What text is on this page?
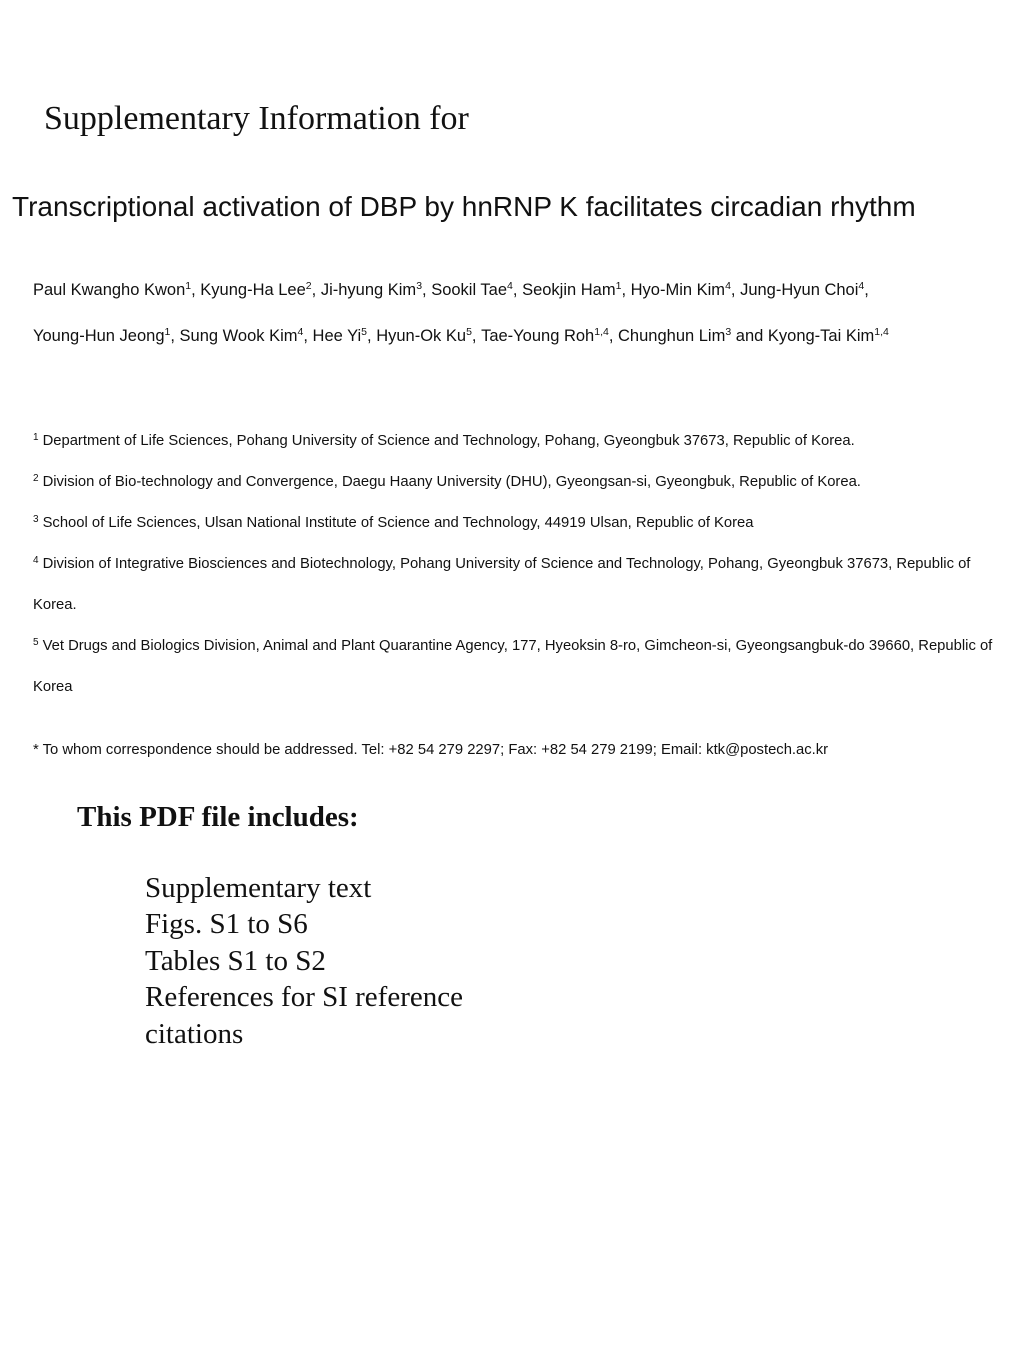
Supplementary Information for
Transcriptional activation of DBP by hnRNP K facilitates circadian rhythm
Paul Kwangho Kwon$^1$, Kyung-Ha Lee$^2$, Ji-hyung Kim$^3$, Sookil Tae$^4$, Seokjin Ham$^1$, Hyo-Min Kim$^4$, Jung-Hyun Choi$^4$, Young-Hun Jeong$^1$, Sung Wook Kim$^4$, Hee Yi$^5$, Hyun-Ok Ku$^5$, Tae-Young Roh$^{1,4}$, Chunghun Lim$^3$ and Kyong-Tai Kim$^{1,4}$
$^1$ Department of Life Sciences, Pohang University of Science and Technology, Pohang, Gyeongbuk 37673, Republic of Korea.
$^2$ Division of Bio-technology and Convergence, Daegu Haany University (DHU), Gyeongsan-si, Gyeongbuk, Republic of Korea.
$^3$ School of Life Sciences, Ulsan National Institute of Science and Technology, 44919 Ulsan, Republic of Korea
$^4$ Division of Integrative Biosciences and Biotechnology, Pohang University of Science and Technology, Pohang, Gyeongbuk 37673, Republic of Korea.
$^5$ Vet Drugs and Biologics Division, Animal and Plant Quarantine Agency, 177, Hyeoksin 8-ro, Gimcheon-si, Gyeongsangbuk-do 39660, Republic of Korea
* To whom correspondence should be addressed. Tel: +82 54 279 2297; Fax: +82 54 279 2199; Email: ktk@postech.ac.kr
This PDF file includes:
Supplementary text
Figs. S1 to S6
Tables S1 to S2
References for SI reference
citations
